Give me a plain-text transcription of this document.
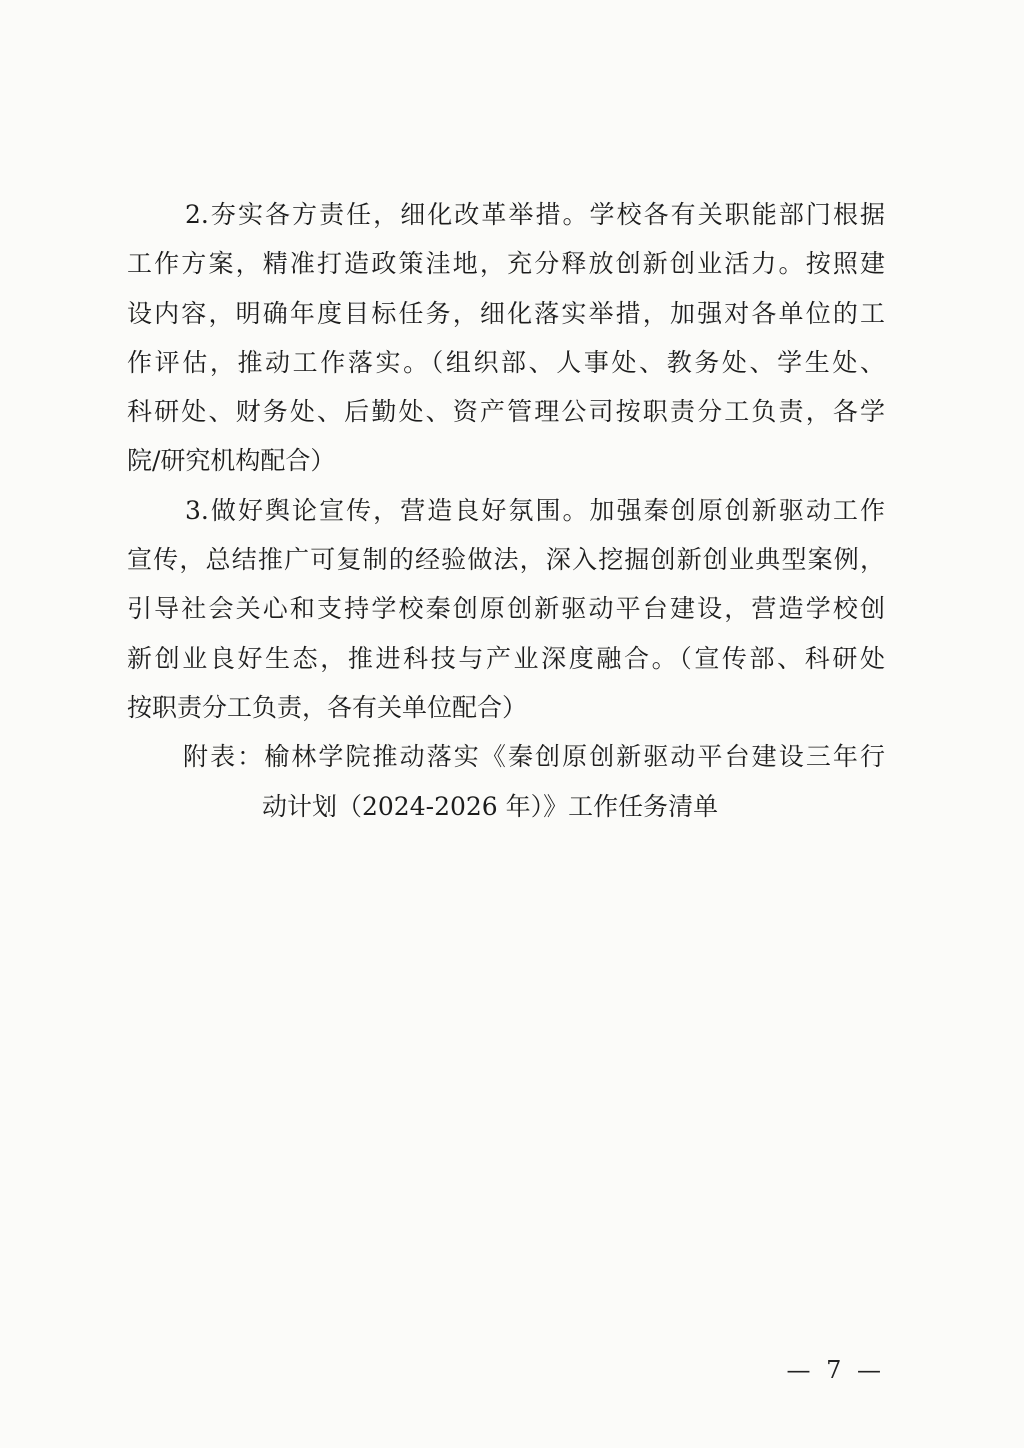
2.夯实各方责任，细化改革举措。学校各有关职能部门根据
工作方案，精准打造政策洼地，充分释放创新创业活力。按照建
设内容，明确年度目标任务，细化落实举措，加强对各单位的工
作评估，推动工作落实。（组织部、人事处、教务处、学生处、
科研处、财务处、后勤处、资产管理公司按职责分工负责，各学
院/研究机构配合）
3.做好舆论宣传，营造良好氛围。加强秦创原创新驱动工作
宣传，总结推广可复制的经验做法，深入挖掘创新创业典型案例，
引导社会关心和支持学校秦创原创新驱动平台建设，营造学校创
新创业良好生态，推进科技与产业深度融合。（宣传部、科研处
按职责分工负责，各有关单位配合）
附表：榆林学院推动落实《秦创原创新驱动平台建设三年行
动计划（2024-2026 年）》工作任务清单
— 7 —
